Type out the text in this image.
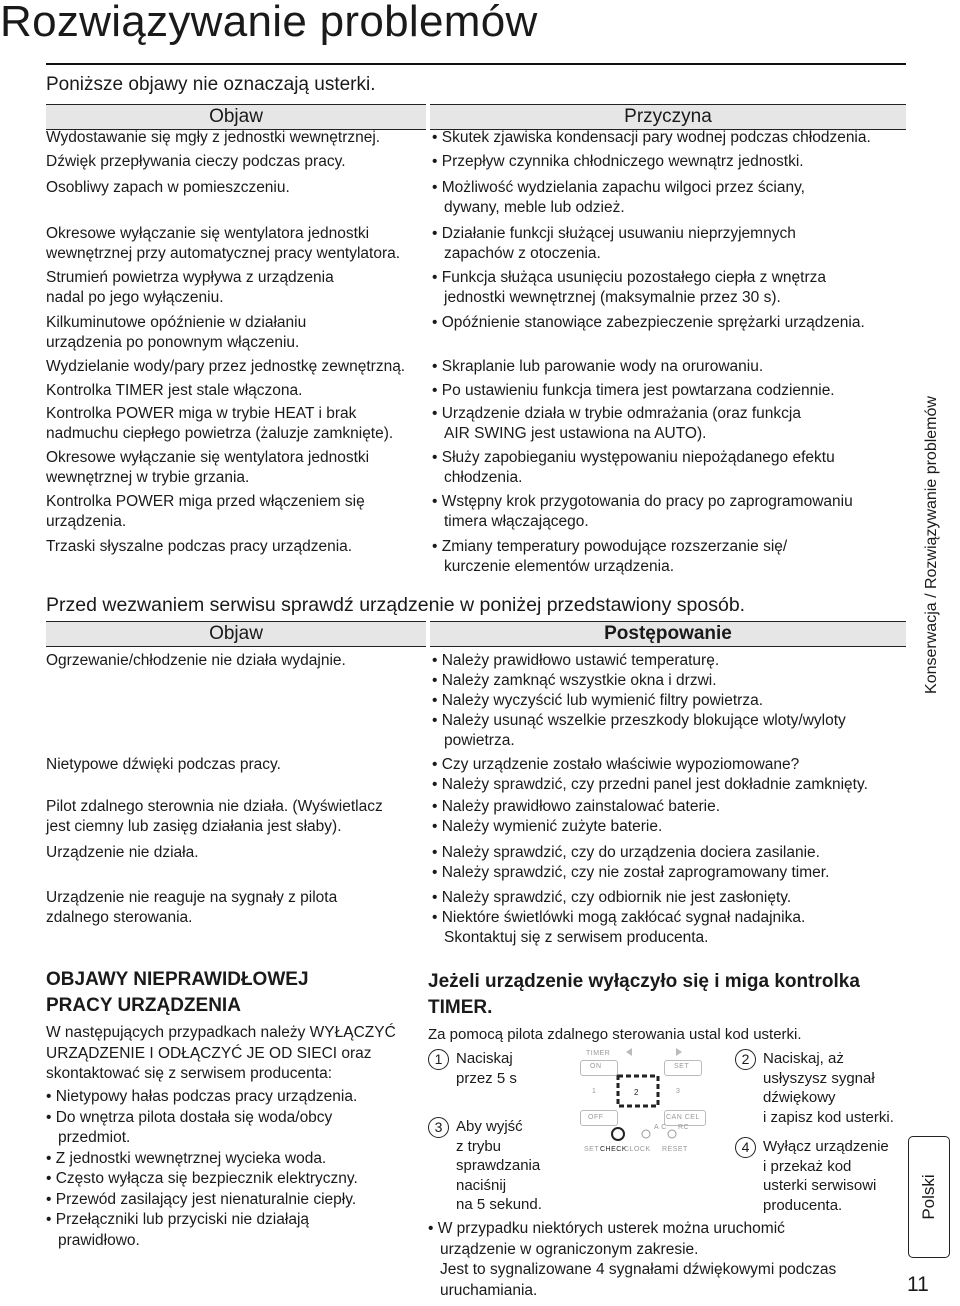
Rozwiązywanie problemów
Konserwacja / Rozwiązywanie problemów
Polski
11
Poniższe objawy nie oznaczają usterki.
Objaw	Przyczyna
Wydostawanie się mgły z jednostki wewnętrznej.	• Skutek zjawiska kondensacji pary wodnej podczas chłodzenia.
Dźwięk przepływania cieczy podczas pracy.	• Przepływ czynnika chłodniczego wewnątrz jednostki.
Osobliwy zapach w pomieszczeniu.	• Możliwość wydzielania zapachu wilgoci przez ściany,
dywany, meble lub odzież.
Okresowe wyłączanie się wentylatora jednostki
wewnętrznej przy automatycznej pracy wentylatora.
• Działanie funkcji służącej usuwaniu nieprzyjemnych
zapachów z otoczenia.
Strumień powietrza wypływa z urządzenia
nadal po jego wyłączeniu.
• Funkcja służąca usunięciu pozostałego ciepła z wnętrza
jednostki wewnętrznej (maksymalnie przez 30 s).
Kilkuminutowe opóźnienie w działaniu
urządzenia po ponownym włączeniu.
• Opóźnienie stanowiące zabezpieczenie sprężarki urządzenia.
Wydzielanie wody/pary przez jednostkę zewnętrzną.	• Skraplanie lub parowanie wody na orurowaniu.
Kontrolka TIMER jest stale włączona.	• Po ustawieniu funkcja timera jest powtarzana codziennie.
Kontrolka POWER miga w trybie HEAT i brak
nadmuchu ciepłego powietrza (żaluzje zamknięte).
• Urządzenie działa w trybie odmrażania (oraz funkcja
AIR SWING jest ustawiona na AUTO).
Okresowe wyłączanie się wentylatora jednostki
wewnętrznej w trybie grzania.
• Służy zapobieganiu występowaniu niepożądanego efektu
chłodzenia.
Kontrolka POWER miga przed włączeniem się
urządzenia.
• Wstępny krok przygotowania do pracy po zaprogramowaniu
timera włączającego.
Trzaski słyszalne podczas pracy urządzenia.	• Zmiany temperatury powodujące rozszerzanie się/
kurczenie elementów urządzenia.
Przed wezwaniem serwisu sprawdź urządzenie w poniżej przedstawiony sposób.
Objaw	Postępowanie
Ogrzewanie/chłodzenie nie działa wydajnie.	• Należy prawidłowo ustawić temperaturę.
• Należy zamknąć wszystkie okna i drzwi.
• Należy wyczyścić lub wymienić filtry powietrza.
• Należy usunąć wszelkie przeszkody blokujące wloty/wyloty
powietrza.
Nietypowe dźwięki podczas pracy.	• Czy urządzenie zostało właściwie wypoziomowane?
• Należy sprawdzić, czy przedni panel jest dokładnie zamknięty.
Pilot zdalnego sterownia nie działa. (Wyświetlacz
jest ciemny lub zasięg działania jest słaby).
• Należy prawidłowo zainstalować baterie.
• Należy wymienić zużyte baterie.
Urządzenie nie działa.	• Należy sprawdzić, czy do urządzenia dociera zasilanie.
• Należy sprawdzić, czy nie został zaprogramowany timer.
Urządzenie nie reaguje na sygnały z pilota
zdalnego sterowania.
• Należy sprawdzić, czy odbiornik nie jest zasłonięty.
• Niektóre świetlówki mogą zakłócać sygnał nadajnika.
Skontaktuj się z serwisem producenta.
OBJAWY NIEPRAWIDŁOWEJ
PRACY URZĄDZENIA
W następujących przypadkach należy WYŁĄCZYĆ
URZĄDZENIE I ODŁĄCZYĆ JE OD SIECI oraz
skontaktować się z serwisem producenta:
• Nietypowy hałas podczas pracy urządzenia.
• Do wnętrza pilota dostała się woda/obcy przedmiot.
• Z jednostki wewnętrznej wycieka woda.
• Często wyłącza się bezpiecznik elektryczny.
• Przewód zasilający jest nienaturalnie ciepły.
• Przełączniki lub przyciski nie działają prawidłowo.
Jeżeli urządzenie wyłączyło się i miga kontrolka TIMER.
Za pomocą pilota zdalnego sterowania ustal kod usterki.
1 Naciskaj
przez 5 s
2 Naciskaj, aż
usłyszysz sygnał
dźwiękowy
i zapisz kod usterki.
3 Aby wyjść
z trybu
sprawdzania
naciśnij
na 5 sekund.
4 Wyłącz urządzenie
i przekaż kod
usterki serwisowi
producenta.
TIMER
ON	SET
1	2	3
OFF	CAN CEL
A C RC
SET CHECK
CLOCK RESET
• W przypadku niektórych usterek można uruchomić urządzenie w ograniczonym zakresie.
Jest to sygnalizowane 4 sygnałami dźwiękowymi podczas uruchamiania.
